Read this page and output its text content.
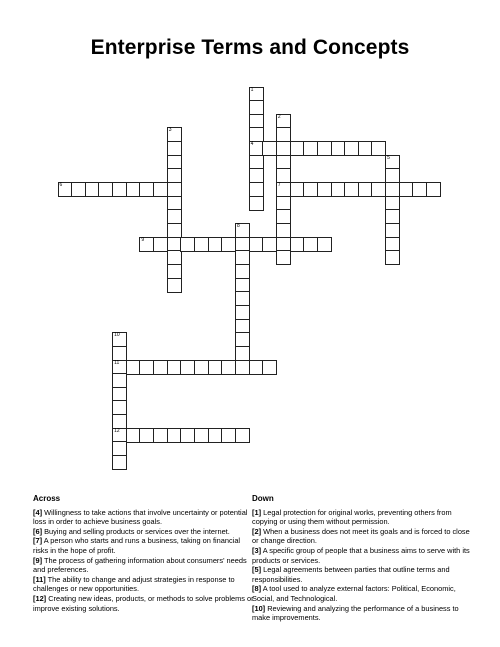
Enterprise Terms and Concepts
1
4
2
7
3
5
6
8
9
10
11
12
Across
[4] Willingness to take actions that involve uncertainty or potential loss in order to achieve business goals.
[6] Buying and selling products or services over the internet.
[7] A person who starts and runs a business, taking on financial risks in the hope of profit.
[9] The process of gathering information about consumers' needs and preferences.
[11] The ability to change and adjust strategies in response to challenges or new opportunities.
[12] Creating new ideas, products, or methods to solve problems or improve existing solutions.
Down
[1] Legal protection for original works, preventing others from copying or using them without permission.
[2] When a business does not meet its goals and is forced to close or change direction.
[3] A specific group of people that a business aims to serve with its products or services.
[5] Legal agreements between parties that outline terms and responsibilities.
[8] A tool used to analyze external factors: Political, Economic, Social, and Technological.
[10] Reviewing and analyzing the performance of a business to make improvements.
